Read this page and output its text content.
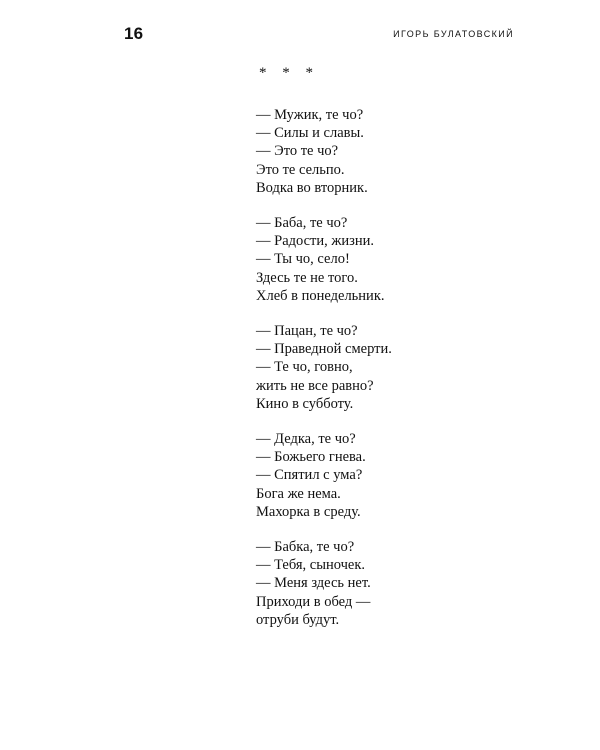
16	ИГОРЬ БУЛАТОВСКИЙ
* * *
— Мужик, те чо?
— Силы и славы.
— Это те чо?
Это те сельпо.
Водка во вторник.
— Баба, те чо?
— Радости, жизни.
— Ты чо, село!
Здесь те не того.
Хлеб в понедельник.
— Пацан, те чо?
— Праведной смерти.
— Те чо, говно,
жить не все равно?
Кино в субботу.
— Дедка, те чо?
— Божьего гнева.
— Спятил с ума?
Бога же нема.
Махорка в среду.
— Бабка, те чо?
— Тебя, сыночек.
— Меня здесь нет.
Приходи в обед —
отруби будут.
